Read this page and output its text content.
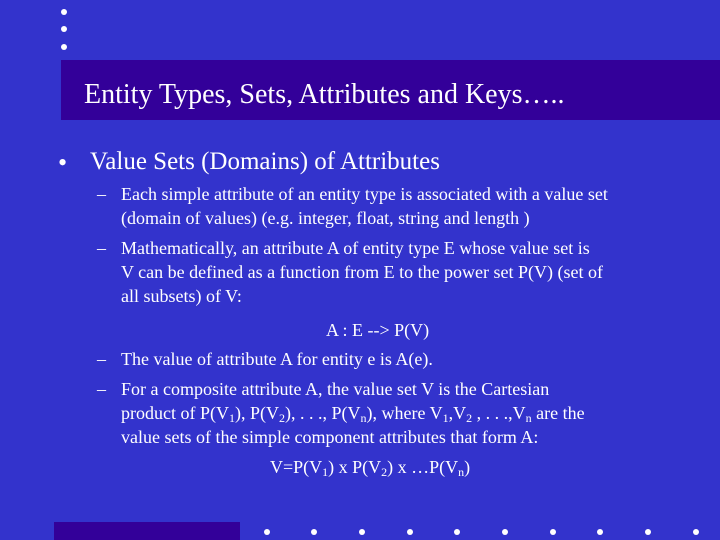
Entity Types, Sets, Attributes and Keys…..
• Value Sets (Domains) of Attributes
– Each simple attribute of an entity type is associated with a value set
(domain of values) (e.g. integer, float, string and length )
– Mathematically, an attribute A of entity type E whose value set is
V can be defined as a function from E to the power set P(V) (set of
all subsets) of V:
A : E --> P(V)
– The value of attribute A for entity e is A(e).
– For a composite attribute A, the value set V is the Cartesian
product of $P(V_1)$, $P(V_2)$, . . ., $P(V_n)$, where $V_1,V_2$ , . . $.,V_n$ are the
value sets of the simple component attributes that form A:
$V=P(V_1)$ x $P(V_2)$ x $\dots P(V_n)$
